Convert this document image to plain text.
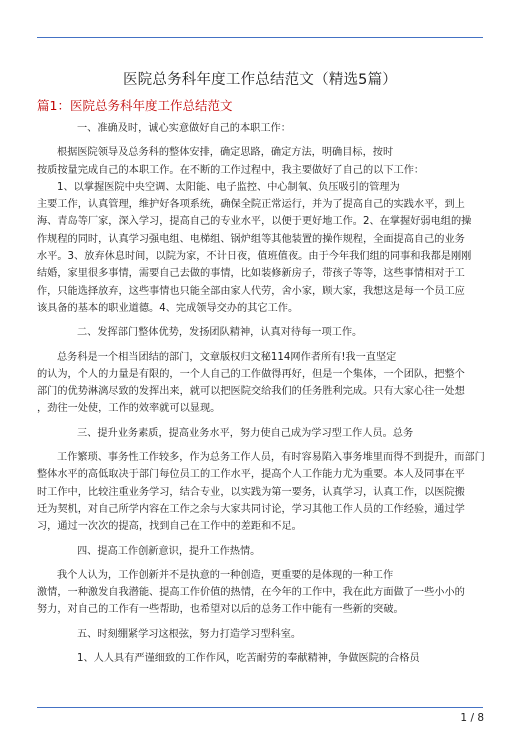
医院总务科年度工作总结范文（精选5篇）
篇1：医院总务科年度工作总结范文

一、准确及时，诚心实意做好自己的本职工作：

根据医院领导及总务科的整体安排，确定思路，确定方法，明确目标，按时
按质按量完成自己的本职工作。在不断的工作过程中，我主要做好了自己的以下工作：

1、以掌握医院中央空调、太阳能、电子监控、中心制氧、负压吸引的管理为
主要工作，认真管理，维护好各项系统，确保全院正常运行，并为了提高自己的实践水平，到上
海、青岛等厂家，深入学习，提高自己的专业水平，以便于更好地工作。2、在掌握好弱电组的操
作规程的同时，认真学习强电组、电梯组、锅炉组等其他装置的操作规程，全面提高自己的业务
水平。3、放弃休息时间，以院为家，不计日夜，值班值夜。由于今年我们组的同事和我都是刚刚
结婚，家里很多事情，需要自己去做的事情，比如装修新房子，带孩子等等，这些事情相对于工
作，只能选择放弃，这些事情也只能全部由家人代劳，舍小家，顾大家，我想这是每一个员工应
该具备的基本的职业道德。4、完成领导交办的其它工作。

二、发挥部门整体优势，发扬团队精神，认真对待每一项工作。

总务科是一个相当团结的部门，文章版权归文秘114网作者所有!我一直坚定
的认为，个人的力量是有限的，一个人自己的工作做得再好，但是一个集体，一个团队，把整个
部门的优势淋漓尽致的发挥出来，就可以把医院交给我们的任务胜利完成。只有大家心往一处想
，劲往一处使，工作的效率就可以显现。

三、提升业务素质，提高业务水平，努力使自己成为学习型工作人员。总务

工作繁琐、事务性工作较多，作为总务工作人员，有时容易陷入事务堆里而得不到提升，而部门
整体水平的高低取决于部门每位员工的工作水平，提高个人工作能力尤为重要。本人及同事在平
时工作中，比较注重业务学习，结合专业，以实践为第一要务，认真学习，认真工作，以医院搬
迁为契机，对自己所学内容在工作之余与大家共同讨论，学习其他工作人员的工作经验，通过学
习，通过一次次的提高，找到自己在工作中的差距和不足。

四、提高工作创新意识，提升工作热情。

我个人认为，工作创新并不是执意的一种创造，更重要的是体现的一种工作
激情，一种激发自我潜能、提高工作价值的热情，在今年的工作中，我在此方面做了一些小小的
努力，对自己的工作有一些帮助，也希望对以后的总务工作中能有一些新的突破。

五、时刻绷紧学习这根弦，努力打造学习型科室。

1、人人具有严谨细致的工作作风，吃苦耐劳的奉献精神，争做医院的合格员

1 / 8
